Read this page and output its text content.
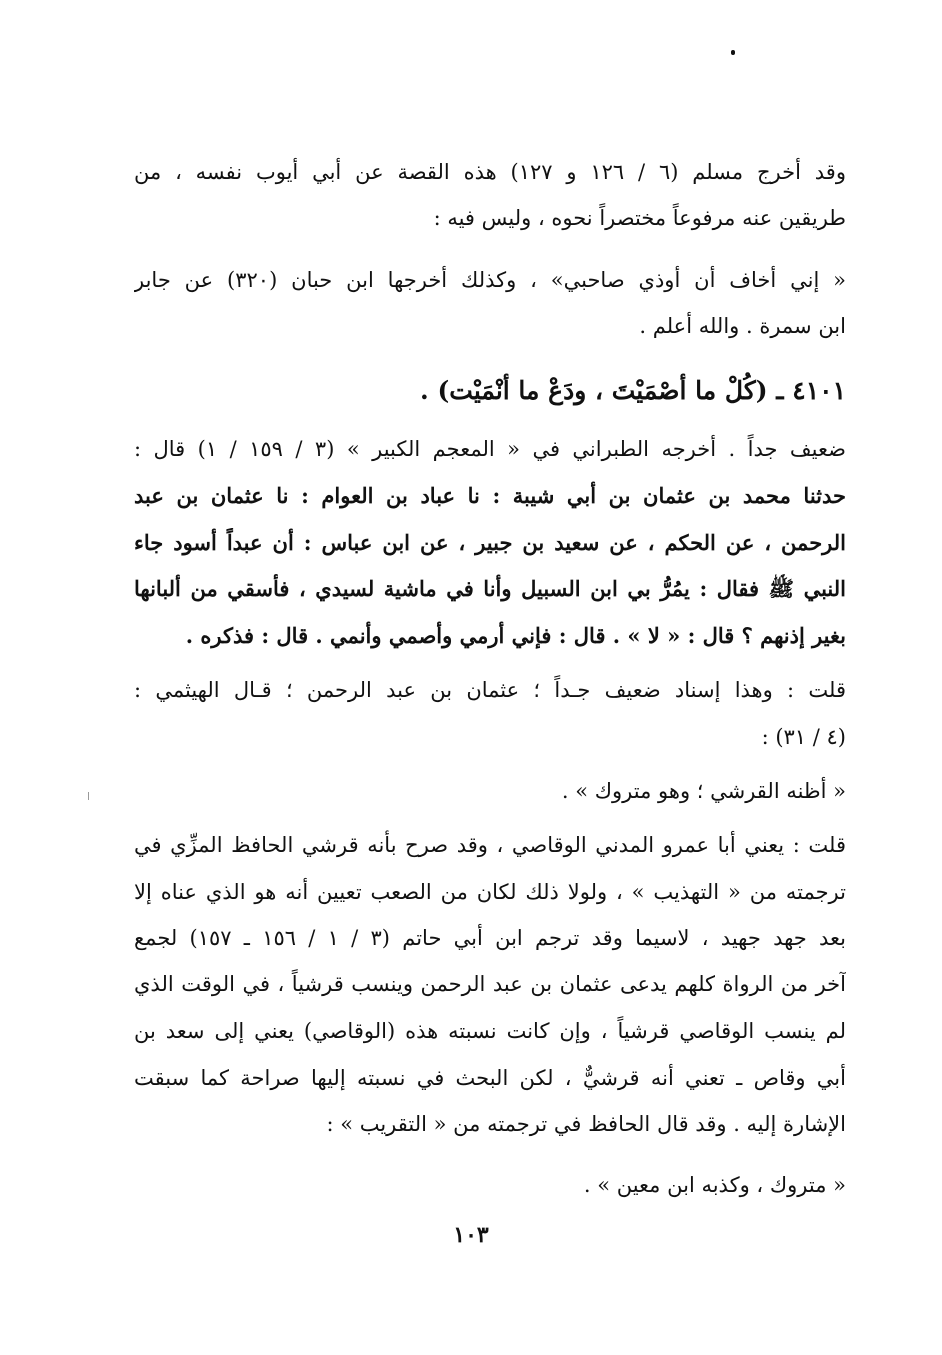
وقد أخرج مسلم (٦ / ١٢٦ و ١٢٧) هذه القصة عن أبي أيوب نفسه ، من
طريقين عنه مرفوعاً مختصراً نحوه ، وليس فيه :
« إني أخاف أن أوذي صاحبي» ، وكذلك أخرجها ابن حبان (٣٢٠) عن جابر
ابن سمرة . والله أعلم .
٤١٠١ ـ (كُلْ ما أصْمَيْتَ ، ودَعْ ما أنْمَيْت) .
ضعيف جداً . أخرجه الطبراني في « المعجم الكبير » (٣ / ١٥٩ / ١) قال :
حدثنا محمد بن عثمان بن أبي شيبة : نا عباد بن العوام : نا عثمان بن عبد
الرحمن ، عن الحكم ، عن سعيد بن جبير ، عن ابن عباس : أن عبداً أسود جاء
النبي ﷺ فقال : يمُرُّ بي ابن السبيل وأنا في ماشية لسيدي ، فأسقي من ألبانها
بغير إذنهم ؟ قال : « لا » . قال : فإني أرمي وأصمي وأنمي . قال : فذكره .
قلت : وهذا إسناد ضعيف جـداً ؛ عثمان بن عبد الرحمن ؛ قـال الهيثمي :
(٤ / ٣١) :
« أظنه القرشي ؛ وهو متروك » .
قلت : يعني أبا عمرو المدني الوقاصي ، وقد صرح بأنه قرشي الحافظ المزِّي في
ترجمته من « التهذيب » ، ولولا ذلك لكان من الصعب تعيين أنه هو الذي عناه إلا
بعد جهد جهيد ، لاسيما وقد ترجم ابن أبي حاتم (٣ / ١ / ١٥٦ ـ ١٥٧) لجمع
آخر من الرواة كلهم يدعى عثمان بن عبد الرحمن وينسب قرشياً ، في الوقت الذي
لم ينسب الوقاصي قرشياً ، وإن كانت نسبته هذه (الوقاصي) يعني إلى سعد بن
أبي وقاص ـ تعني أنه قرشيٌّ ، لكن البحث في نسبته إليها صراحة كما سبقت
الإشارة إليه . وقد قال الحافظ في ترجمته من « التقريب » :
« متروك ، وكذبه ابن معين » .
١٠٣
